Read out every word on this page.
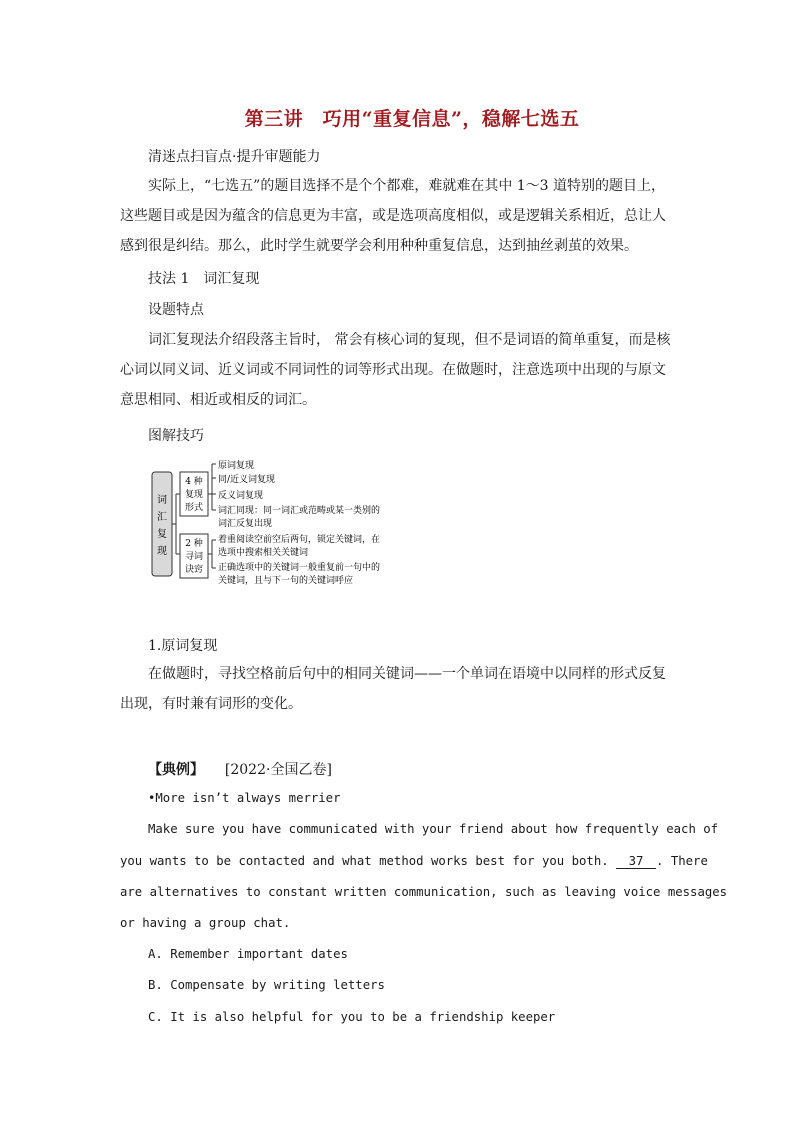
第三讲　巧用“重复信息”，稳解七选五
清迷点扫盲点·提升审题能力

实际上，“七选五”的题目选择不是个个都难，难就难在其中 1～3 道特别的题目上，这些题目或是因为蕴含的信息更为丰富，或是选项高度相似，或是逻辑关系相近，总让人感到很是纠结。那么，此时学生就要学会利用种种重复信息，达到抽丝剥茧的效果。

技法 1　词汇复现
设题特点

词汇复现法介绍段落主旨时， 常会有核心词的复现，但不是词语的简单重复，而是核心词以同义词、近义词或不同词性的词等形式出现。在做题时，注意选项中出现的与原文意思相同、相近或相反的词汇。

图解技巧
词
汇
复
现
4 种
复现
形式
原词复现
同/近义词复现
反义词复现
词汇同现：同一词汇或范畴或某一类别的
词汇反复出现
2 种
寻词
诀窍
着重阅读空前空后两句，锁定关键词，在
选项中搜索相关关键词
正确选项中的关键词一般重复前一句中的
关键词，且与下一句的关键词呼应
1.原词复现

在做题时，寻找空格前后句中的相同关键词——一个单词在语境中以同样的形式反复出现，有时兼有词形的变化。

【典例】 [2022·全国乙卷]
•More isn’t always merrier
Make sure you have communicated with your friend about how frequently each of
you wants to be contacted and what method works best for you both. 37 . There
are alternatives to constant written communication, such as leaving voice messages
or having a group chat.
A. Remember important dates
B. Compensate by writing letters
C. It is also helpful for you to be a friendship keeper
